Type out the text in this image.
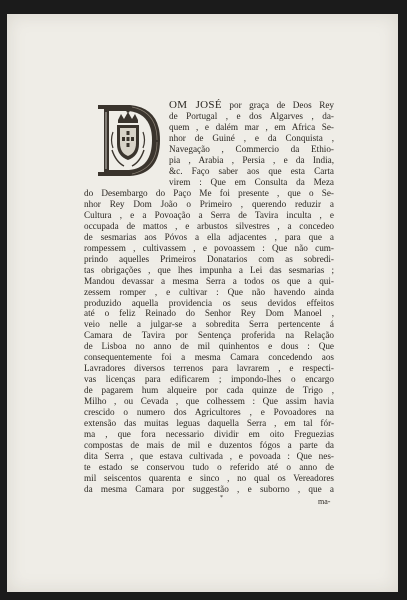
OM JOSÉ por graça de Deos Rey
de Portugal , e dos Algarves , da-
quem , e dalém mar , em Africa Se-
nhor de Guiné , e da Conquista ,
Navegação , Commercio da Ethio-
pia , Arabia , Persia , e da India,
&c. Faço saber aos que esta Carta
virem : Que em Consulta da Meza
do Desembargo do Paço Me foi presente , que o Se-
nhor Rey Dom João o Primeiro , querendo reduzir a
Cultura , e a Povoação a Serra de Tavira inculta , e
occupada de mattos , e arbustos silvestres , a concedeo
de sesmarias aos Póvos a ella adjacentes , para que a
rompessem , cultivassem , e povoassem : Que não cum-
prindo aquelles Primeiros Donatarios com as sobredi-
tas obrigações , que lhes impunha a Lei das sesmarias ;
Mandou devassar a mesma Serra a todos os que a qui-
zessem romper , e cultivar : Que não havendo ainda
produzido aquella providencia os seus devidos effeitos
até o feliz Reinado do Senhor Rey Dom Manoel ,
veio nelle a julgar-se a sobredita Serra pertencente á
Camara de Tavira por Sentença proferida na Relação
de Lisboa no anno de mil quinhentos e dous : Que
consequentemente foi a mesma Camara concedendo aos
Lavradores diversos terrenos para lavrarem , e respecti-
vas licenças para edificarem ; impondo-lhes o encargo
de pagarem hum alqueire por cada quinze de Trigo ,
Milho , ou Cevada , que colhessem : Que assim havia
crescido o numero dos Agricultores , e Povoadores na
extensão das muitas leguas daquella Serra , em tal fór-
ma , que fora necessario dividir em oito Freguezias
compostas de mais de mil e duzentos fógos a parte da
dita Serra , que estava cultivada , e povoada : Que nes-
te estado se conservou tudo o referido até o anno de
mil seiscentos quarenta e sinco , no qual os Vereadores
da mesma Camara por suggestão , e suborno , que a
*	ma-
